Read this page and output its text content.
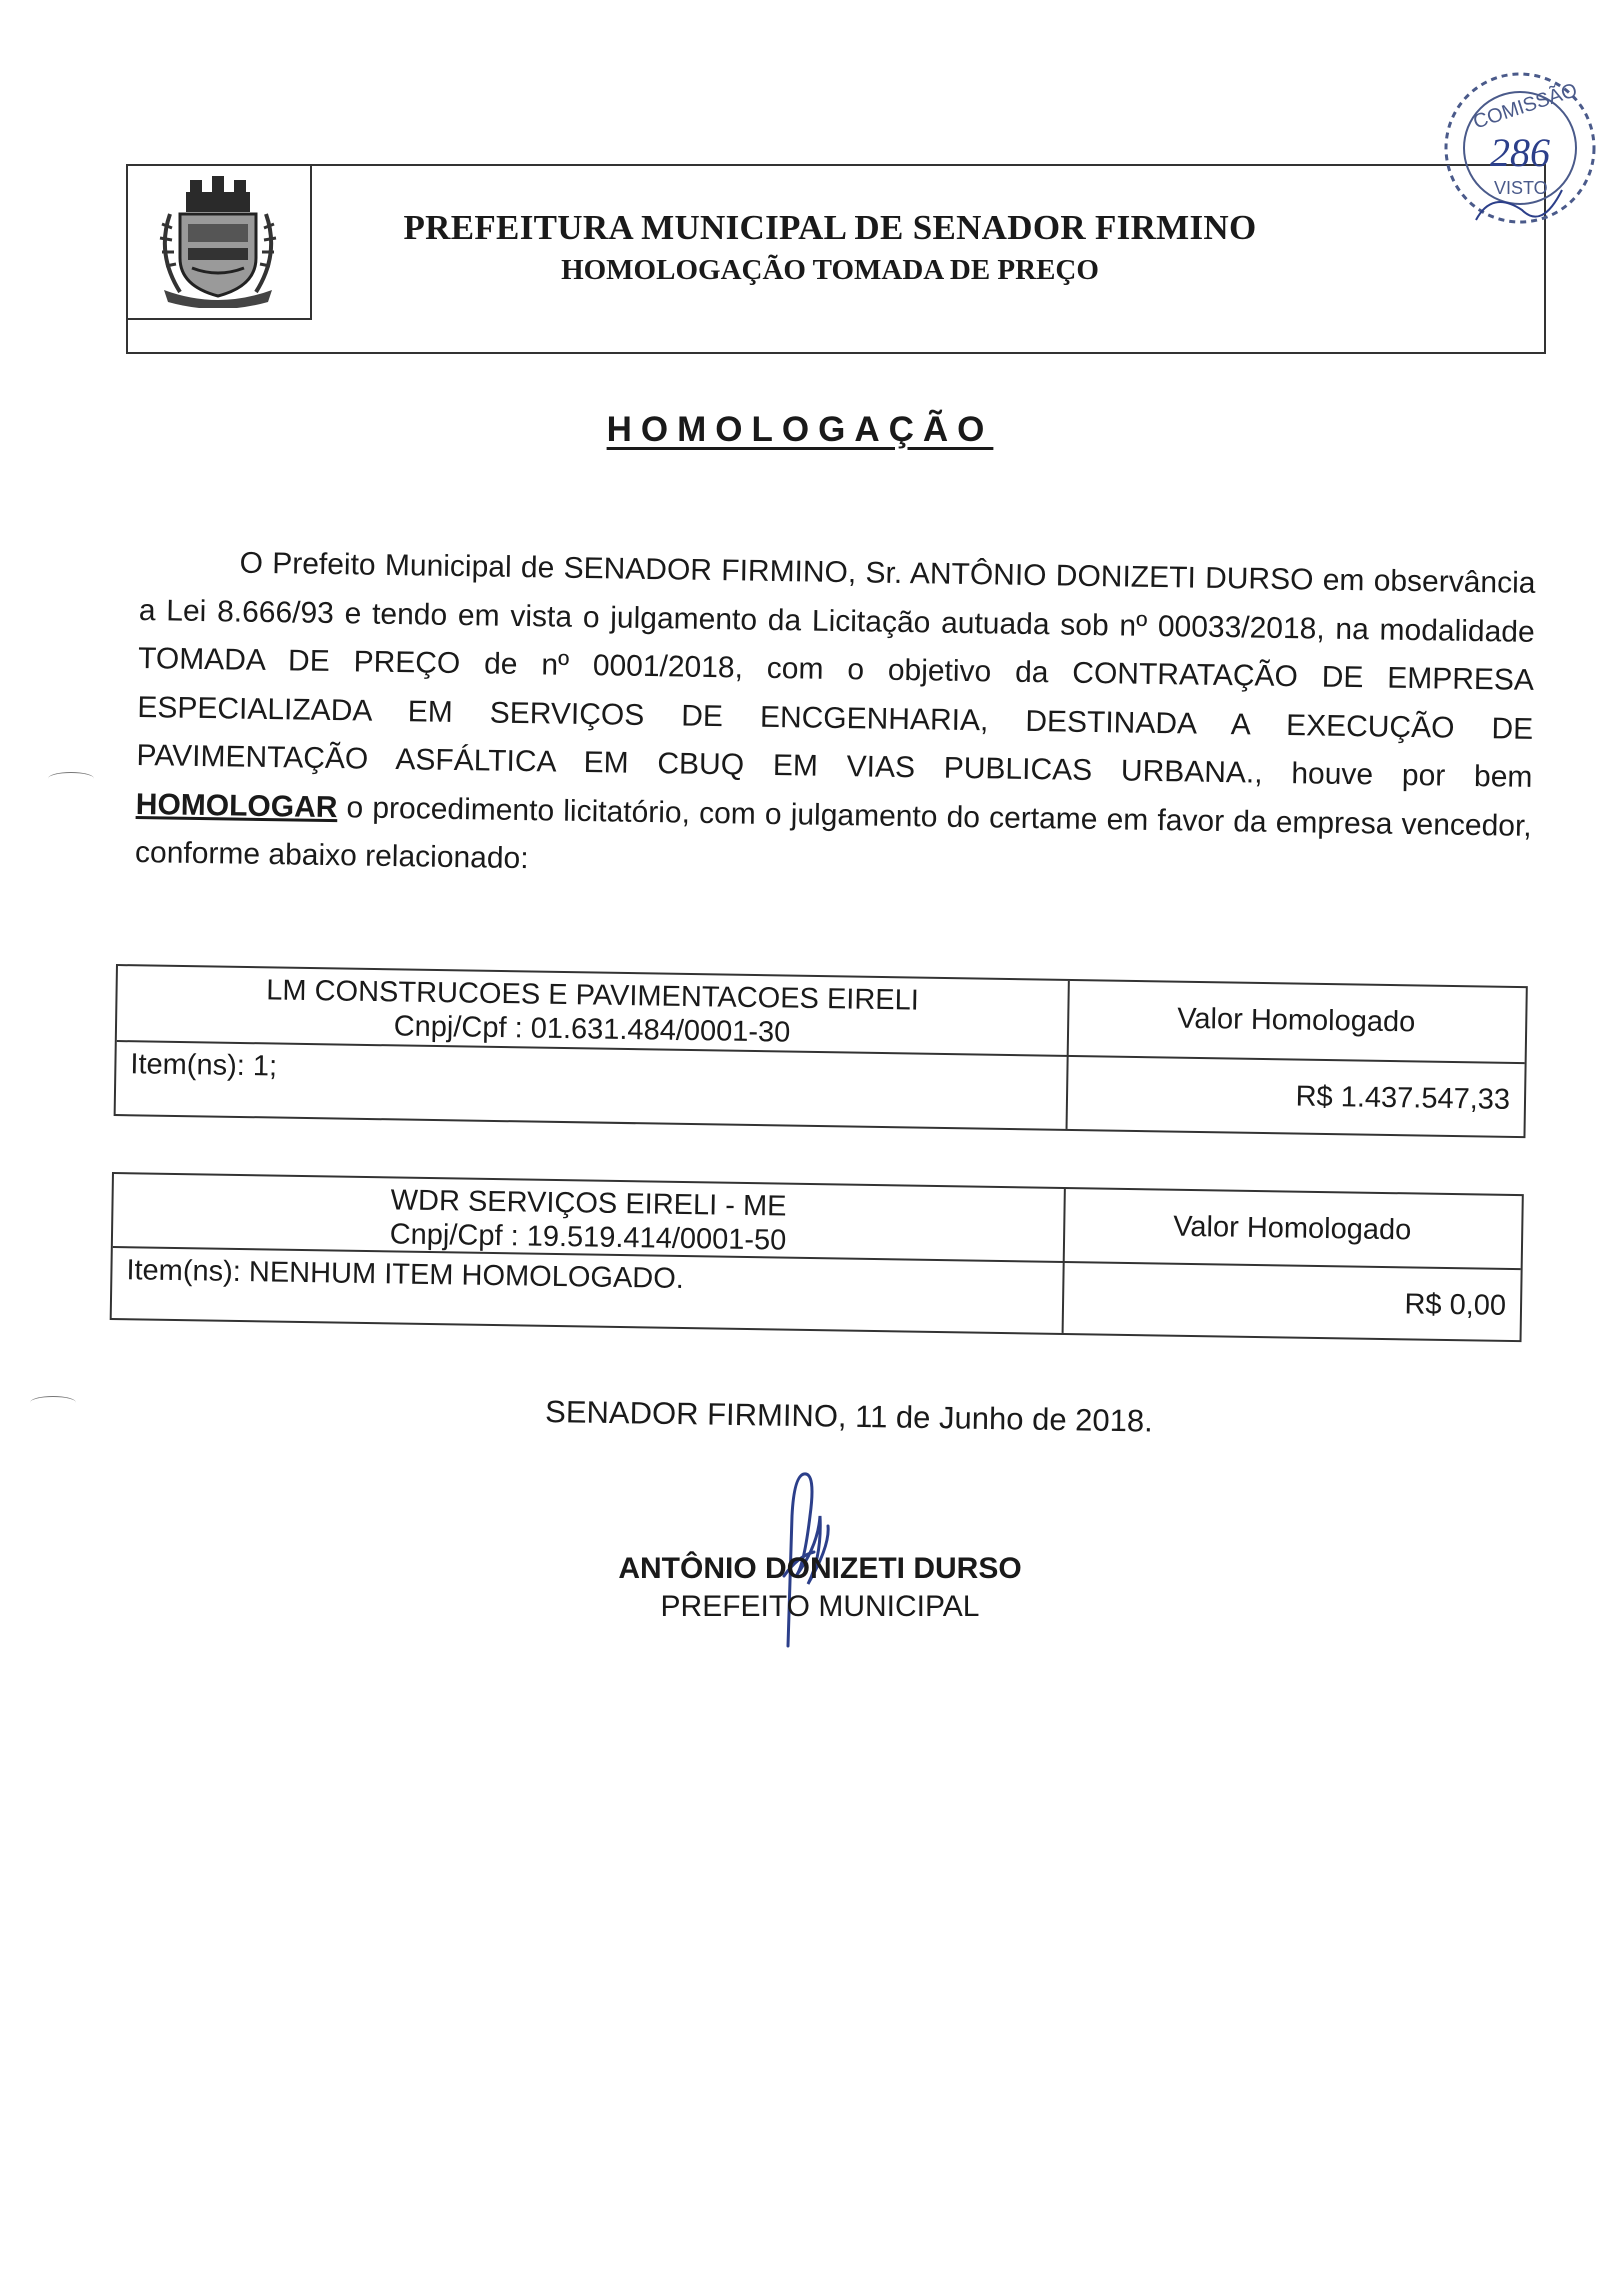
PREFEITURA MUNICIPAL DE SENADOR FIRMINO
HOMOLOGAÇÃO TOMADA DE PREÇO
COMISSÃO
286
VISTO
HOMOLOGAÇÃO
O Prefeito Municipal de SENADOR FIRMINO, Sr. ANTÔNIO DONIZETI DURSO em observância a Lei 8.666/93 e tendo em vista o julgamento da Licitação autuada sob nº 00033/2018, na modalidade TOMADA DE PREÇO de nº 0001/2018, com o objetivo da CONTRATAÇÃO DE EMPRESA ESPECIALIZADA EM SERVIÇOS DE ENCGENHARIA, DESTINADA A EXECUÇÃO DE PAVIMENTAÇÃO ASFÁLTICA EM CBUQ EM VIAS PUBLICAS URBANA., houve por bem HOMOLOGAR o procedimento licitatório, com o julgamento do certame em favor da empresa vencedor, conforme abaixo relacionado:
LM CONSTRUCOES E PAVIMENTACOES EIRELI
Cnpj/Cpf : 01.631.484/0001-30
Item(ns): 1;
Valor Homologado
R$ 1.437.547,33
WDR SERVIÇOS EIRELI - ME
Cnpj/Cpf : 19.519.414/0001-50
Item(ns): NENHUM ITEM HOMOLOGADO.
Valor Homologado
R$ 0,00
SENADOR FIRMINO, 11 de Junho de 2018.
ANTÔNIO DONIZETI DURSO
PREFEITO MUNICIPAL
